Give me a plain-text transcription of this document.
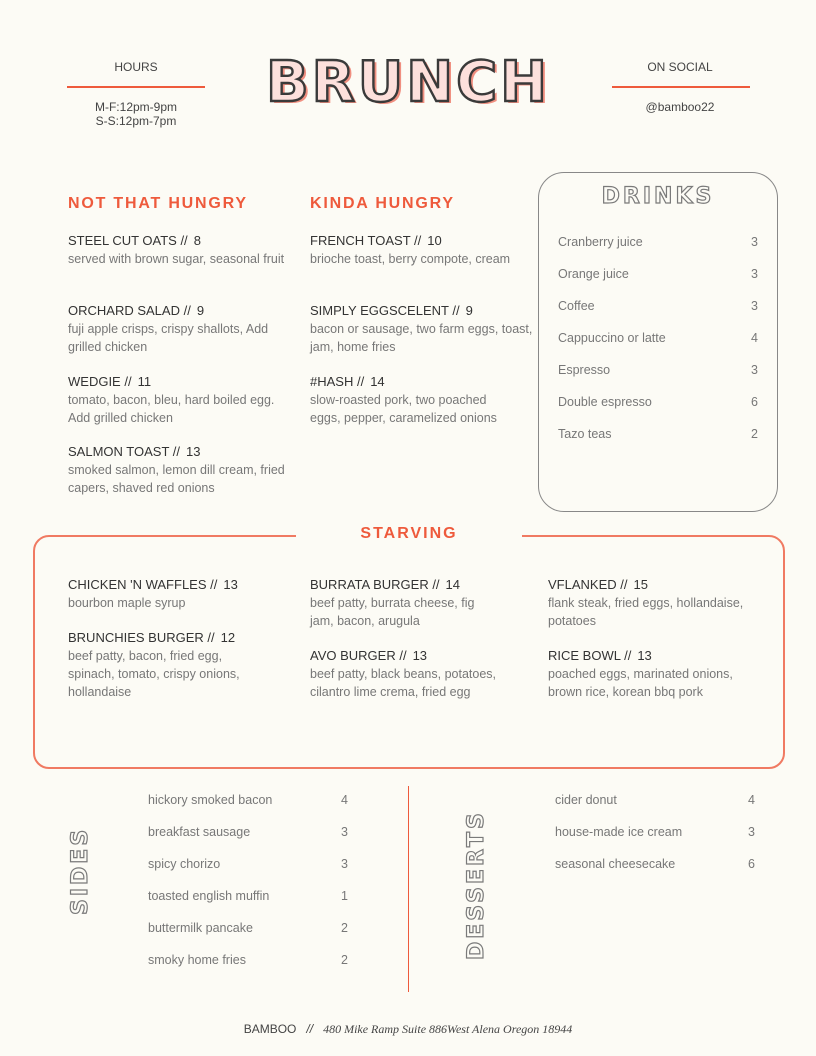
HOURS
M-F:12pm-9pm
S-S:12pm-7pm
BRUNCH	ON SOCIAL
@bamboo22
NOT THAT HUNGRY
STEEL CUT OATS // 8
served with brown sugar, seasonal fruit
ORCHARD SALAD // 9
fuji apple crisps, crispy shallots, Add grilled chicken
WEDGIE // 11
tomato, bacon, bleu, hard boiled egg. Add grilled chicken
SALMON TOAST // 13
smoked salmon, lemon dill cream, fried capers, shaved red onions
KINDA HUNGRY
FRENCH TOAST // 10
brioche toast, berry compote, cream
SIMPLY EGGSCELENT // 9
bacon or sausage, two farm eggs, toast, jam, home fries
#HASH // 14
slow-roasted pork, two poached eggs, pepper, caramelized onions
DRINKS
Cranberry juice	3
Orange juice	3
Coffee	3
Cappuccino or latte	4
Espresso	3
Double espresso	6
Tazo teas	2
STARVING
CHICKEN 'N WAFFLES // 13
bourbon maple syrup
BRUNCHIES BURGER // 12
beef patty, bacon, fried egg, spinach, tomato, crispy onions, hollandaise
BURRATA BURGER // 14
beef patty, burrata cheese, fig jam, bacon, arugula
AVO BURGER // 13
beef patty, black beans, potatoes, cilantro lime crema, fried egg
VFLANKED // 15
flank steak, fried eggs, hollandaise, potatoes
RICE BOWL // 13
poached eggs, marinated onions, brown rice, korean bbq pork
SIDES
hickory smoked bacon	4
breakfast sausage	3
spicy chorizo	3
toasted english muffin	1
buttermilk pancake	2
smoky home fries	2	DESSERTS
cider donut	4
house-made ice cream	3
seasonal cheesecake	6
BAMBOO // 480 Mike Ramp Suite 886West Alena Oregon 18944
